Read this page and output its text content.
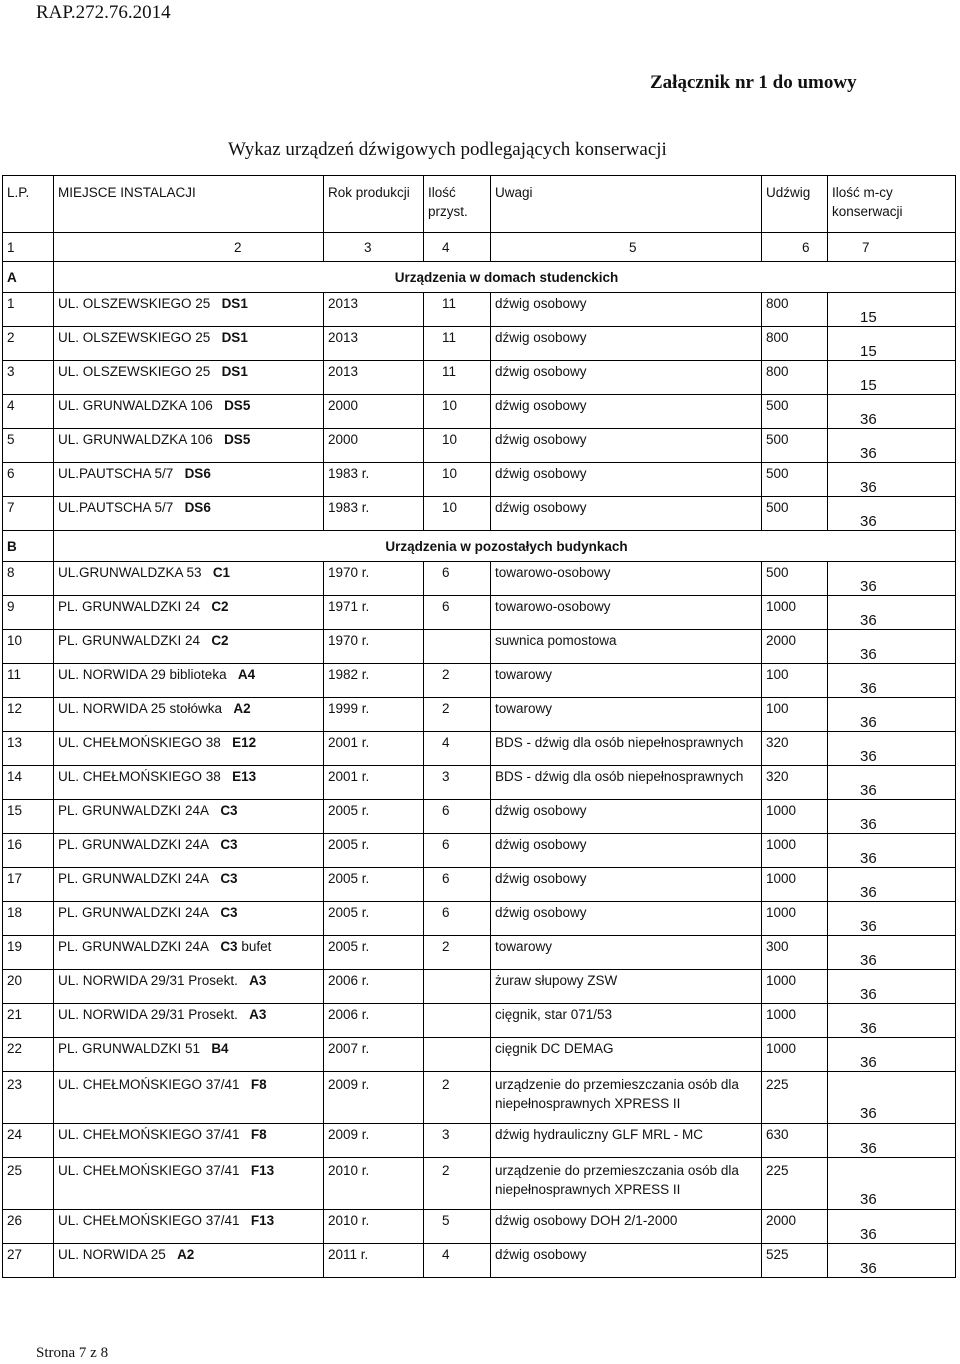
RAP.272.76.2014
Załącznik nr 1 do umowy
Wykaz urządzeń dźwigowych podlegających konserwacji
L.P.	MIEJSCE INSTALACJI	Rok produkcji	Ilość przyst.	Uwagi	Udźwig	Ilość m-cy konserwacji
1	2	3	4	5	6	7
A	Urządzenia w domach studenckich					
1	UL. OLSZEWSKIEGO 25 DS1	2013	11	dźwig osobowy	800	15
2	UL. OLSZEWSKIEGO 25 DS1	2013	11	dźwig osobowy	800	15
3	UL. OLSZEWSKIEGO 25 DS1	2013	11	dźwig osobowy	800	15
4	UL. GRUNWALDZKA 106 DS5	2000	10	dźwig osobowy	500	36
5	UL. GRUNWALDZKA 106 DS5	2000	10	dźwig osobowy	500	36
6	UL.PAUTSCHA 5/7 DS6	1983 r.	10	dźwig osobowy	500	36
7	UL.PAUTSCHA 5/7 DS6	1983 r.	10	dźwig osobowy	500	36
B	Urządzenia w pozostałych budynkach					
8	UL.GRUNWALDZKA 53 C1	1970 r.	6	towarowo-osobowy	500	36
9	PL. GRUNWALDZKI 24 C2	1971 r.	6	towarowo-osobowy	1000	36
10	PL. GRUNWALDZKI 24 C2	1970 r.		suwnica pomostowa	2000	36
11	UL. NORWIDA 29 biblioteka A4	1982 r.	2	towarowy	100	36
12	UL. NORWIDA 25 stołówka A2	1999 r.	2	towarowy	100	36
13	UL. CHEŁMOŃSKIEGO 38 E12	2001 r.	4	BDS - dźwig dla osób niepełnosprawnych	320	36
14	UL. CHEŁMOŃSKIEGO 38 E13	2001 r.	3	BDS - dźwig dla osób niepełnosprawnych	320	36
15	PL. GRUNWALDZKI 24A C3	2005 r.	6	dźwig osobowy	1000	36
16	PL. GRUNWALDZKI 24A C3	2005 r.	6	dźwig osobowy	1000	36
17	PL. GRUNWALDZKI 24A C3	2005 r.	6	dźwig osobowy	1000	36
18	PL. GRUNWALDZKI 24A C3	2005 r.	6	dźwig osobowy	1000	36
19	PL. GRUNWALDZKI 24A C3 bufet	2005 r.	2	towarowy	300	36
20	UL. NORWIDA 29/31 Prosekt. A3	2006 r.		żuraw słupowy ZSW	1000	36
21	UL. NORWIDA 29/31 Prosekt. A3	2006 r.		cięgnik, star 071/53	1000	36
22	PL. GRUNWALDZKI 51 B4	2007 r.		cięgnik DC DEMAG	1000	36
23	UL. CHEŁMOŃSKIEGO 37/41 F8	2009 r.	2	urządzenie do przemieszczania osób dla niepełnosprawnych XPRESS II	225	36
24	UL. CHEŁMOŃSKIEGO 37/41 F8	2009 r.	3	dźwig hydrauliczny GLF MRL - MC	630	36
25	UL. CHEŁMOŃSKIEGO 37/41 F13	2010 r.	2	urządzenie do przemieszczania osób dla niepełnosprawnych XPRESS II	225	36
26	UL. CHEŁMOŃSKIEGO 37/41 F13	2010 r.	5	dźwig osobowy DOH 2/1-2000	2000	36
27	UL. NORWIDA 25 A2	2011 r.	4	dźwig osobowy	525	36
Strona 7 z 8
